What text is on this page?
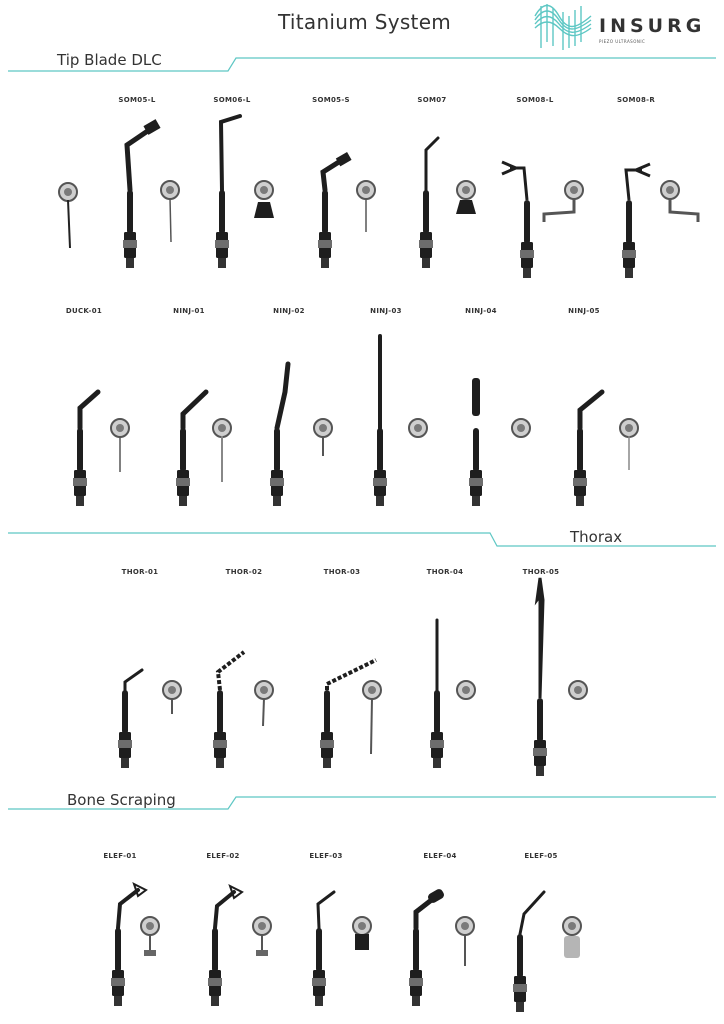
Titanium System	INSURG
PIEZO ULTRASONIC
Tip Blade DLC
Thorax
Bone Scraping
SOM05-L	SOM06-L	SOM05-S	SOM07	SOM08-L	SOM08-R
DUCK-01	NINJ-01	NINJ-02	NINJ-03	NINJ-04	NINJ-05
THOR-01	THOR-02	THOR-03	THOR-04	THOR-05
ELEF-01	ELEF-02	ELEF-03	ELEF-04	ELEF-05
